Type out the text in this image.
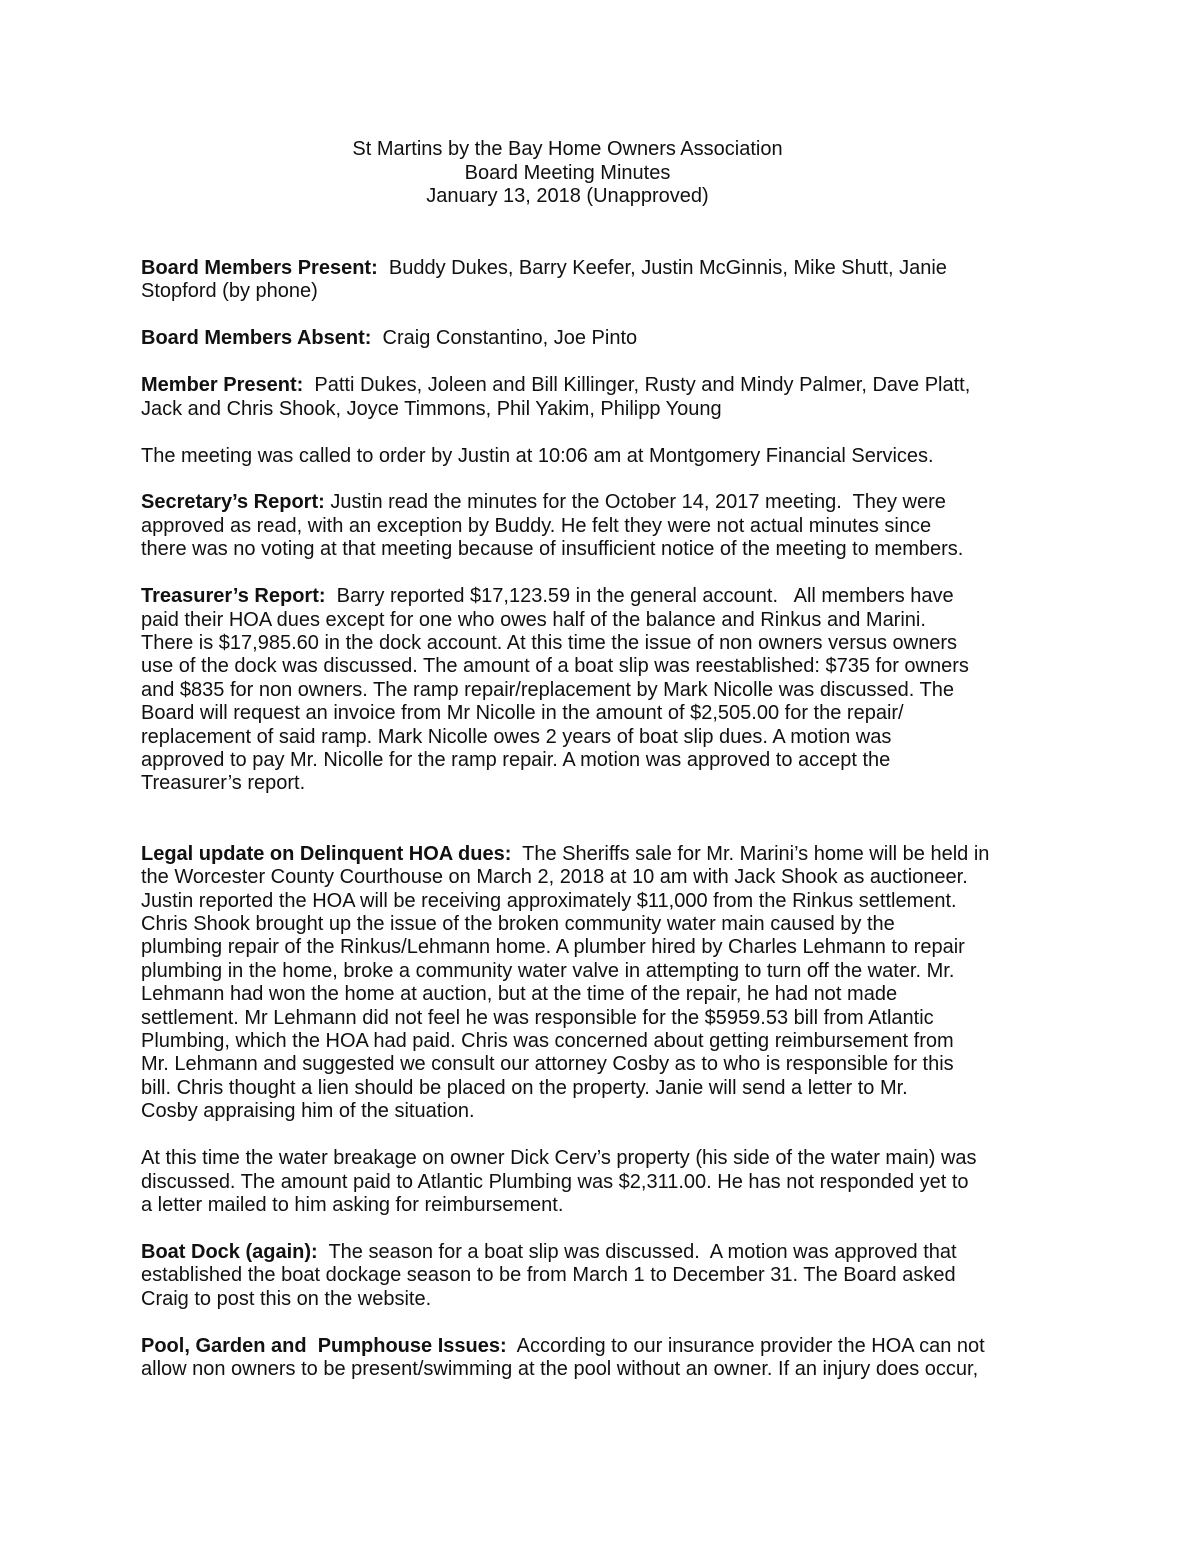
St Martins by the Bay Home Owners Association
Board Meeting Minutes
January 13, 2018 (Unapproved)
Board Members Present:  Buddy Dukes, Barry Keefer, Justin McGinnis, Mike Shutt, Janie
Stopford (by phone)
Board Members Absent:  Craig Constantino, Joe Pinto
Member Present:  Patti Dukes, Joleen and Bill Killinger, Rusty and Mindy Palmer, Dave Platt,
Jack and Chris Shook, Joyce Timmons, Phil Yakim, Philipp Young
The meeting was called to order by Justin at 10:06 am at Montgomery Financial Services.
Secretary’s Report: Justin read the minutes for the October 14, 2017 meeting.  They were
approved as read, with an exception by Buddy. He felt they were not actual minutes since
there was no voting at that meeting because of insufficient notice of the meeting to members.
Treasurer’s Report:  Barry reported $17,123.59 in the general account.   All members have
paid their HOA dues except for one who owes half of the balance and Rinkus and Marini.
There is $17,985.60 in the dock account. At this time the issue of non owners versus owners
use of the dock was discussed. The amount of a boat slip was reestablished: $735 for owners
and $835 for non owners. The ramp repair/replacement by Mark Nicolle was discussed. The
Board will request an invoice from Mr Nicolle in the amount of $2,505.00 for the repair/
replacement of said ramp. Mark Nicolle owes 2 years of boat slip dues. A motion was
approved to pay Mr. Nicolle for the ramp repair. A motion was approved to accept the
Treasurer’s report.
Legal update on Delinquent HOA dues:  The Sheriffs sale for Mr. Marini’s home will be held in
the Worcester County Courthouse on March 2, 2018 at 10 am with Jack Shook as auctioneer.
Justin reported the HOA will be receiving approximately $11,000 from the Rinkus settlement.
Chris Shook brought up the issue of the broken community water main caused by the
plumbing repair of the Rinkus/Lehmann home. A plumber hired by Charles Lehmann to repair
plumbing in the home, broke a community water valve in attempting to turn off the water. Mr.
Lehmann had won the home at auction, but at the time of the repair, he had not made
settlement. Mr Lehmann did not feel he was responsible for the $5959.53 bill from Atlantic
Plumbing, which the HOA had paid. Chris was concerned about getting reimbursement from
Mr. Lehmann and suggested we consult our attorney Cosby as to who is responsible for this
bill. Chris thought a lien should be placed on the property. Janie will send a letter to Mr.
Cosby appraising him of the situation.
At this time the water breakage on owner Dick Cerv’s property (his side of the water main) was
discussed. The amount paid to Atlantic Plumbing was $2,311.00. He has not responded yet to
a letter mailed to him asking for reimbursement.
Boat Dock (again):  The season for a boat slip was discussed.  A motion was approved that
established the boat dockage season to be from March 1 to December 31. The Board asked
Craig to post this on the website.
Pool, Garden and  Pumphouse Issues:  According to our insurance provider the HOA can not
allow non owners to be present/swimming at the pool without an owner. If an injury does occur,
